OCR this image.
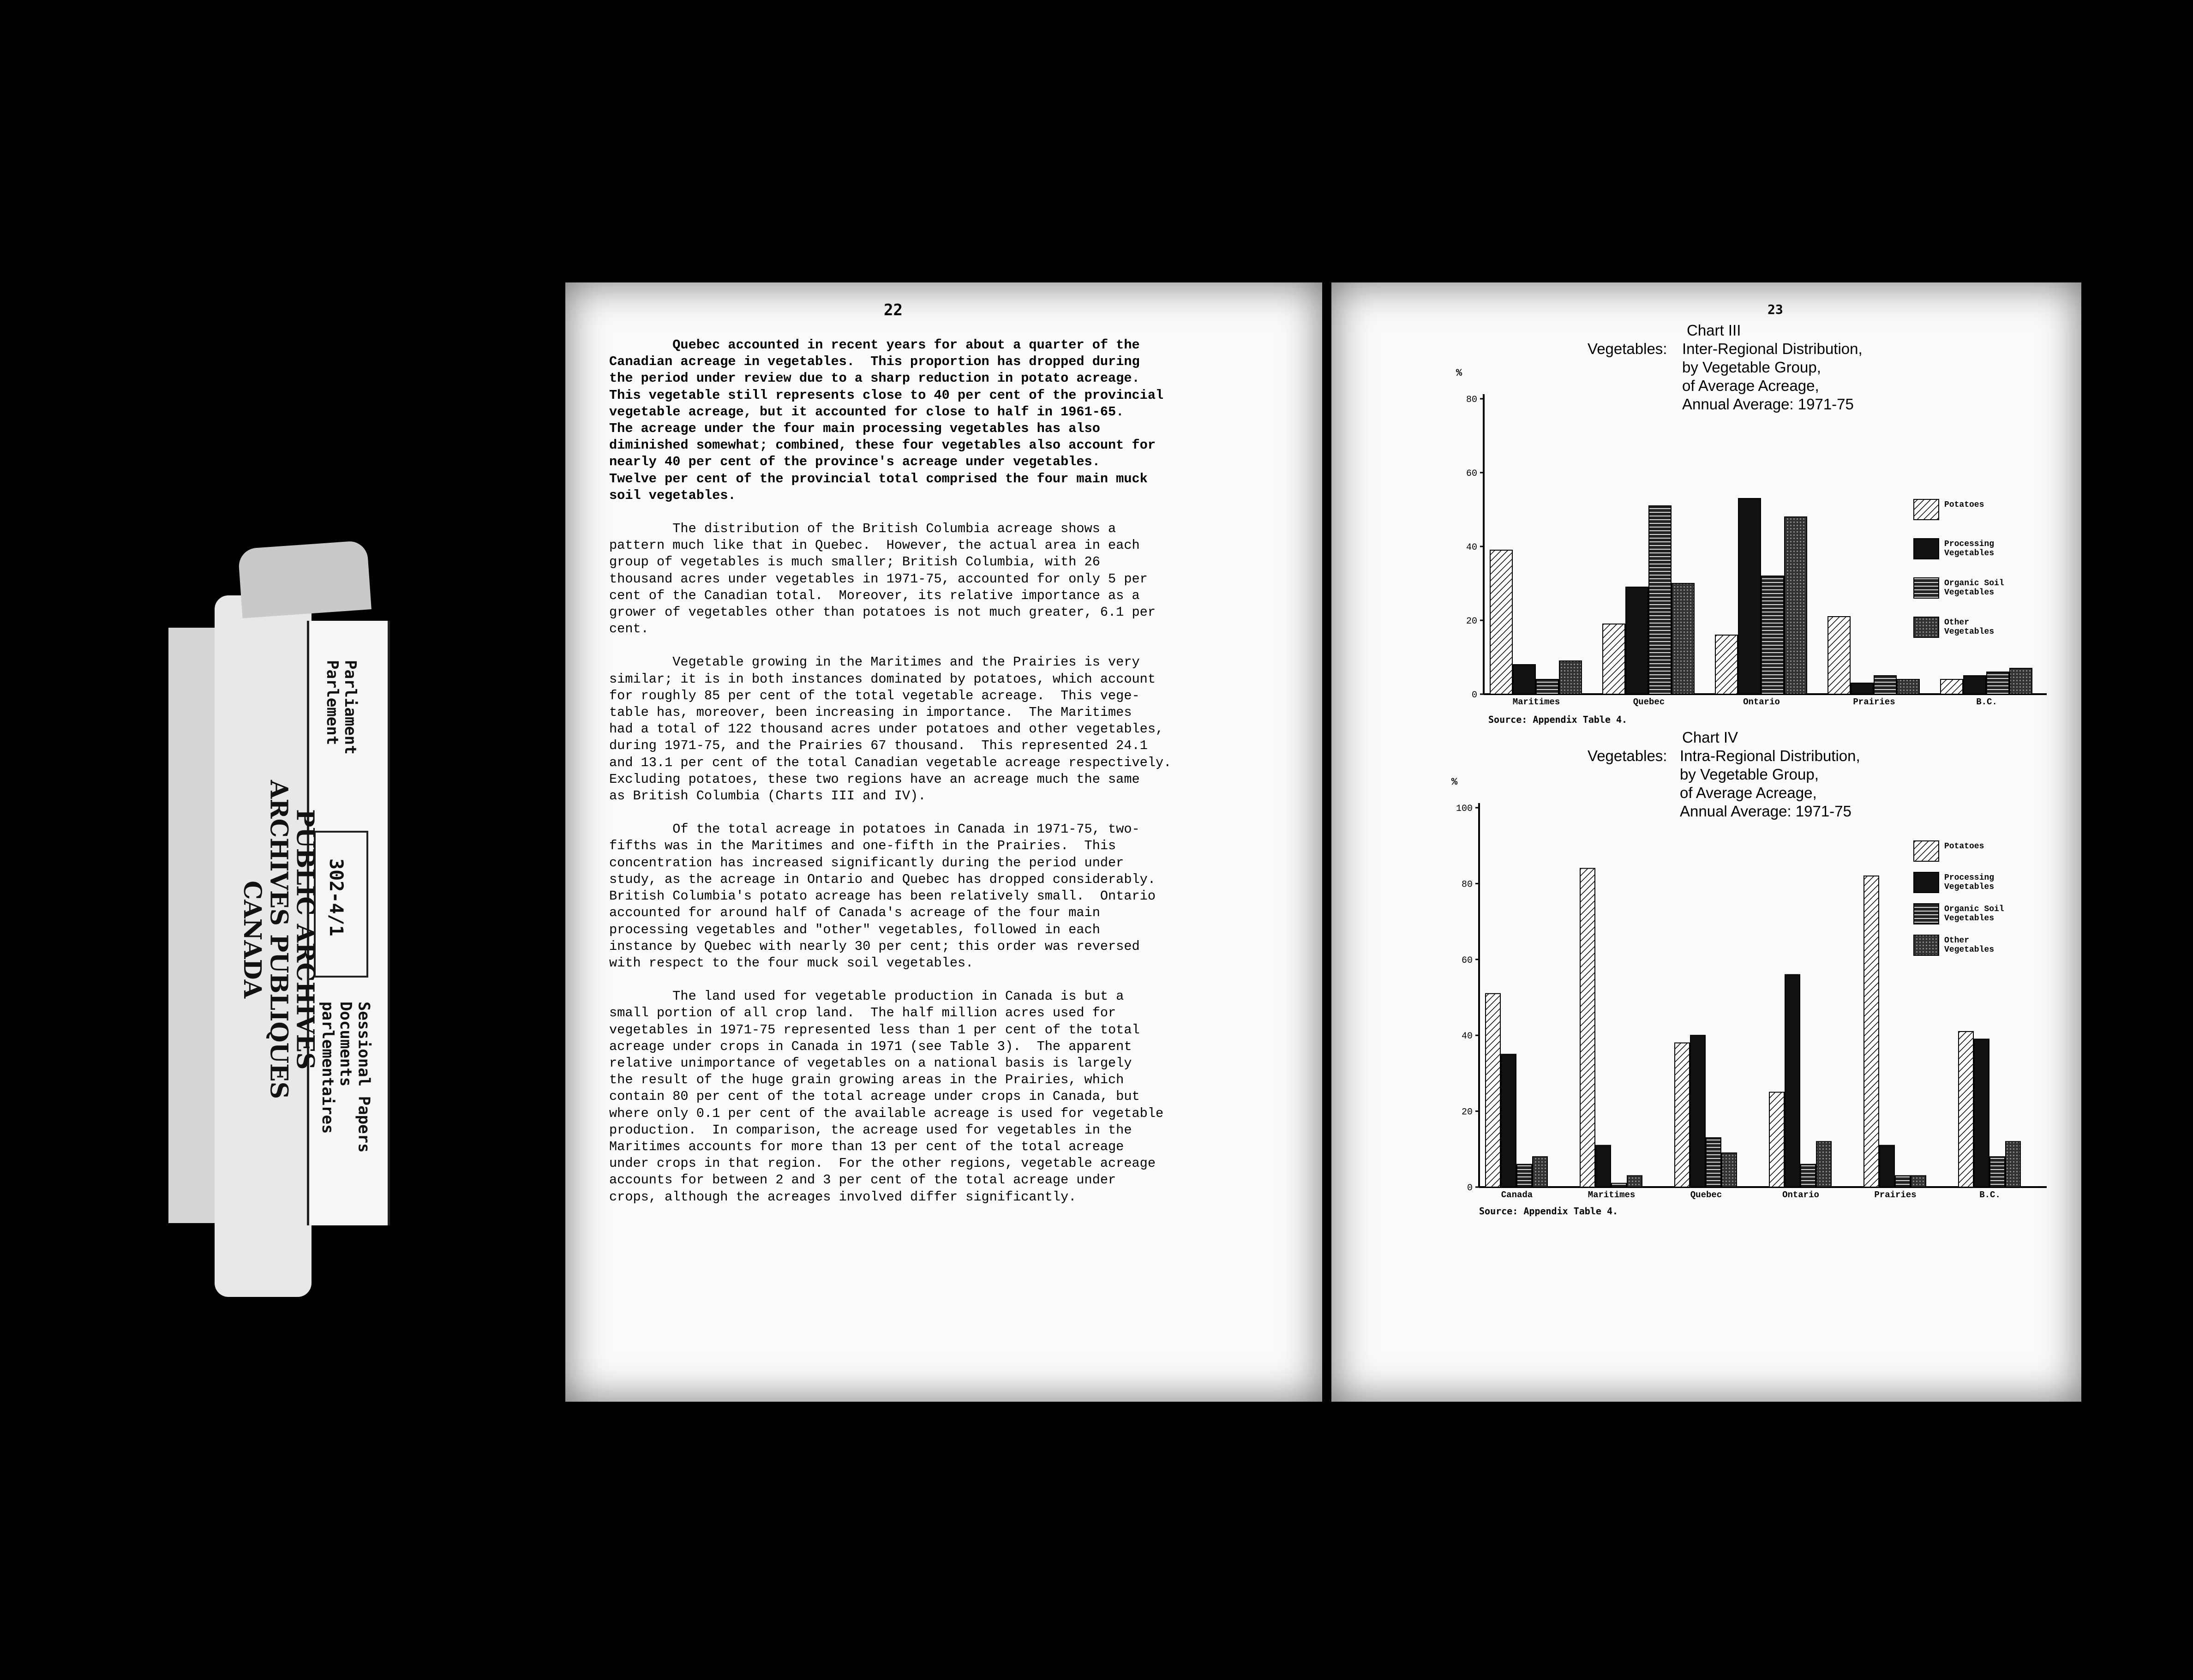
Parliament
Parlement
302-4/1
Sessional Papers
Documents
parlementaires
PUBLIC ARCHIVES
ARCHIVES PUBLIQUES
CANADA
22

Quebec accounted in recent years for about a quarter of the
Canadian acreage in vegetables.  This proportion has dropped during
the period under review due to a sharp reduction in potato acreage.
This vegetable still represents close to 40 per cent of the provincial
vegetable acreage, but it accounted for close to half in 1961-65.
The acreage under the four main processing vegetables has also
diminished somewhat; combined, these four vegetables also account for
nearly 40 per cent of the province's acreage under vegetables.
Twelve per cent of the provincial total comprised the four main muck
soil vegetables.

The distribution of the British Columbia acreage shows a
pattern much like that in Quebec.  However, the actual area in each
group of vegetables is much smaller; British Columbia, with 26
thousand acres under vegetables in 1971-75, accounted for only 5 per
cent of the Canadian total.  Moreover, its relative importance as a
grower of vegetables other than potatoes is not much greater, 6.1 per
cent.

Vegetable growing in the Maritimes and the Prairies is very
similar; it is in both instances dominated by potatoes, which account
for roughly 85 per cent of the total vegetable acreage.  This vege-
table has, moreover, been increasing in importance.  The Maritimes
had a total of 122 thousand acres under potatoes and other vegetables,
during 1971-75, and the Prairies 67 thousand.  This represented 24.1
and 13.1 per cent of the total Canadian vegetable acreage respectively.
Excluding potatoes, these two regions have an acreage much the same
as British Columbia (Charts III and IV).

Of the total acreage in potatoes in Canada in 1971-75, two-
fifths was in the Maritimes and one-fifth in the Prairies.  This
concentration has increased significantly during the period under
study, as the acreage in Ontario and Quebec has dropped considerably.
British Columbia's potato acreage has been relatively small.  Ontario
accounted for around half of Canada's acreage of the four main
processing vegetables and "other" vegetables, followed in each
instance by Quebec with nearly 30 per cent; this order was reversed
with respect to the four muck soil vegetables.

The land used for vegetable production in Canada is but a
small portion of all crop land.  The half million acres used for
vegetables in 1971-75 represented less than 1 per cent of the total
acreage under crops in Canada in 1971 (see Table 3).  The apparent
relative unimportance of vegetables on a national basis is largely
the result of the huge grain growing areas in the Prairies, which
contain 80 per cent of the total acreage under crops in Canada, but
where only 0.1 per cent of the available acreage is used for vegetable
production.  In comparison, the acreage used for vegetables in the
Maritimes accounts for more than 13 per cent of the total acreage
under crops in that region.  For the other regions, vegetable acreage
accounts for between 2 and 3 per cent of the total acreage under
crops, although the acreages involved differ significantly.

23
Chart III
Vegetables: Inter-Regional Distribution,
by Vegetable Group,
of Average Acreage,
Annual Average: 1971-75
%
0
20
40
60
80
Maritimes	Quebec	Ontario	Prairies	B.C.
Potatoes
Processing Vegetables
Organic Soil Vegetables
Other Vegetables
Source: Appendix Table 4.
Chart IV
Vegetables: Intra-Regional Distribution,
by Vegetable Group,
of Average Acreage,
Annual Average: 1971-75
%
0
20
40
60
80
100
Canada	Maritimes	Quebec	Ontario	Prairies	B.C.
Potatoes
Processing Vegetables
Organic Soil Vegetables
Other Vegetables
Source: Appendix Table 4.
